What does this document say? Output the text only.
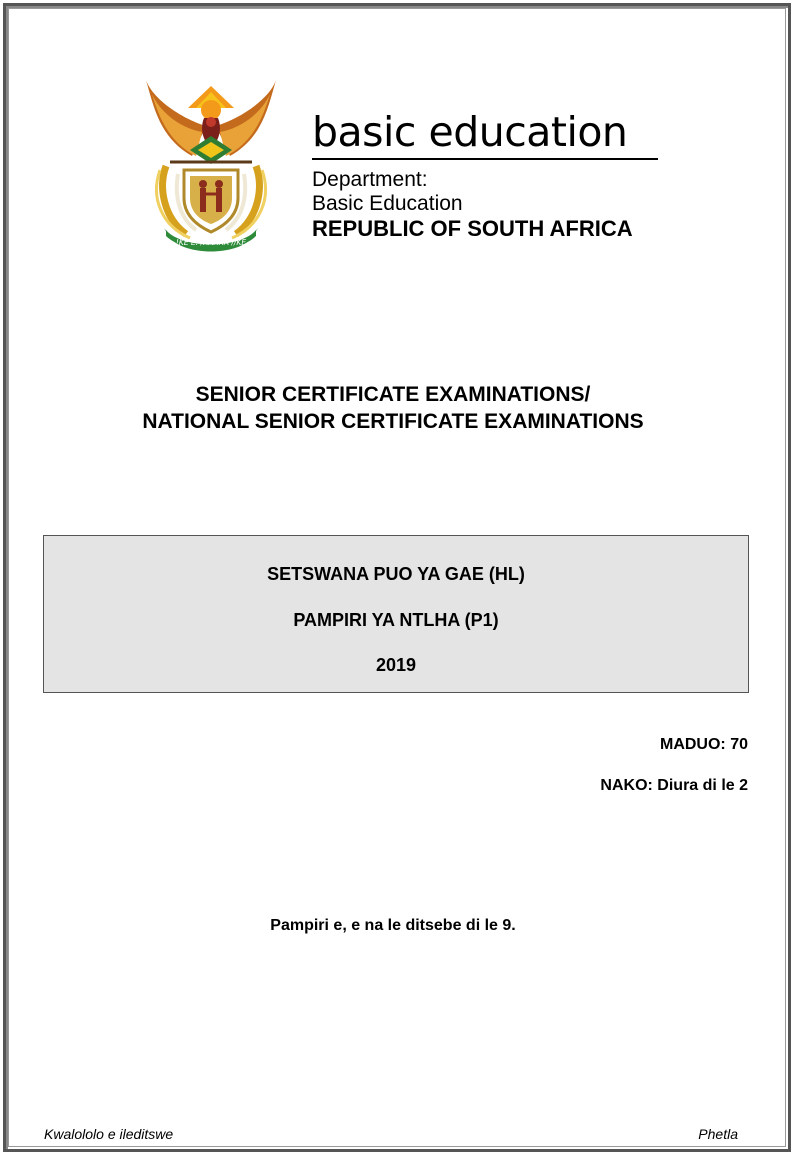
!KE E: /XARRA //KE

basic education

Department:

Basic Education

REPUBLIC OF SOUTH AFRICA

SENIOR CERTIFICATE EXAMINATIONS/
NATIONAL SENIOR CERTIFICATE EXAMINATIONS
SETSWANA PUO YA GAE (HL)
PAMPIRI YA NTLHA (P1)
2019
MADUO: 70
NAKO: Diura di le 2
Pampiri e, e na le ditsebe di le 9.
Kwalololo e ileditswe	Phetla
